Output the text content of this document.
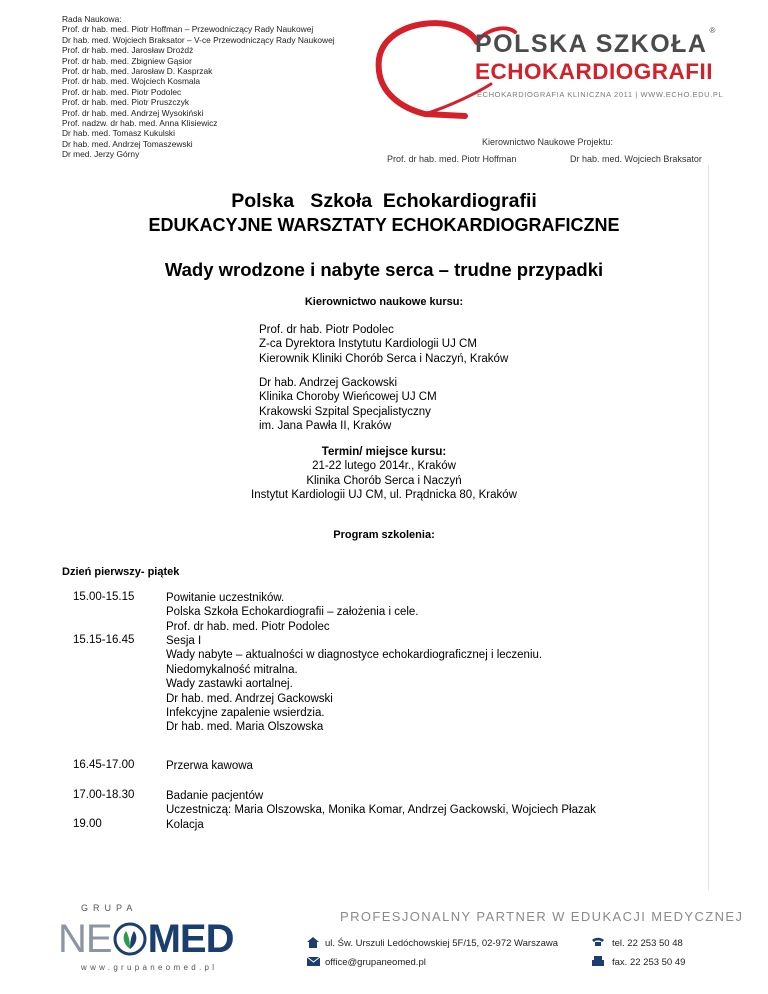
Rada Naukowa:
Prof. dr hab. med. Piotr Hoffman – Przewodniczący Rady Naukowej
Dr hab. med. Wojciech Braksator – V-ce Przewodniczący Rady Naukowej
Prof. dr hab. med. Jarosław Drożdż
Prof. dr hab. med. Zbigniew Gąsior
Prof. dr hab. med. Jarosław D. Kasprzak
Prof. dr hab. med. Wojciech Kosmala
Prof. dr hab. med. Piotr Podolec
Prof. dr hab. med. Piotr Pruszczyk
Prof. dr hab. med. Andrzej Wysokiński
Prof. nadzw. dr hab. med. Anna Klisiewicz
Dr hab. med. Tomasz Kukulski
Dr hab. med. Andrzej Tomaszewski
Dr med. Jerzy Górny
POLSKA SZKOŁA ®
ECHOKARDIOGRAFII
ECHOKARDIOGRAFIA KLINICZNA 2011 | WWW.ECHO.EDU.PL
Kierownictwo Naukowe Projektu:
Prof. dr hab. med. Piotr Hoffman	Dr hab. med. Wojciech Braksator
Polska   Szkoła  Echokardiografii
EDUKACYJNE WARSZTATY ECHOKARDIOGRAFICZNE
Wady wrodzone i nabyte serca – trudne przypadki
Kierownictwo naukowe kursu:
Prof. dr hab. Piotr Podolec
Z-ca Dyrektora Instytutu Kardiologii UJ CM
Kierownik Kliniki Chorób Serca i Naczyń, Kraków
Dr hab. Andrzej Gackowski
Klinika Choroby Wieńcowej UJ CM
Krakowski Szpital Specjalistyczny
im. Jana Pawła II, Kraków
Termin/ miejsce kursu:
21-22 lutego 2014r., Kraków
Klinika Chorób Serca i Naczyń
Instytut Kardiologii UJ CM, ul. Prądnicka 80, Kraków
Program szkolenia:
Dzień pierwszy- piątek
15.00-15.15	Powitanie uczestników.
Polska Szkoła Echokardiografii – założenia i cele.
Prof. dr hab. med. Piotr Podolec
15.15-16.45	Sesja I
Wady nabyte – aktualności w diagnostyce echokardiograficznej i leczeniu.
Niedomykalność mitralna.
Wady zastawki aortalnej.
Dr hab. med. Andrzej Gackowski
Infekcyjne zapalenie wsierdzia.
Dr hab. med. Maria Olszowska
16.45-17.00	Przerwa kawowa
17.00-18.30	Badanie pacjentów
Uczestniczą: Maria Olszowska, Monika Komar, Andrzej Gackowski, Wojciech Płazak
19.00	Kolacja
GRUPA
NE MED
www.grupaneomed.pl
PROFESJONALNY PARTNER W EDUKACJI MEDYCZNEJ
ul. Św. Urszuli Ledóchowskiej 5F/15, 02-972 Warszawa
office@grupaneomed.pl
tel. 22 253 50 48
fax. 22 253 50 49
